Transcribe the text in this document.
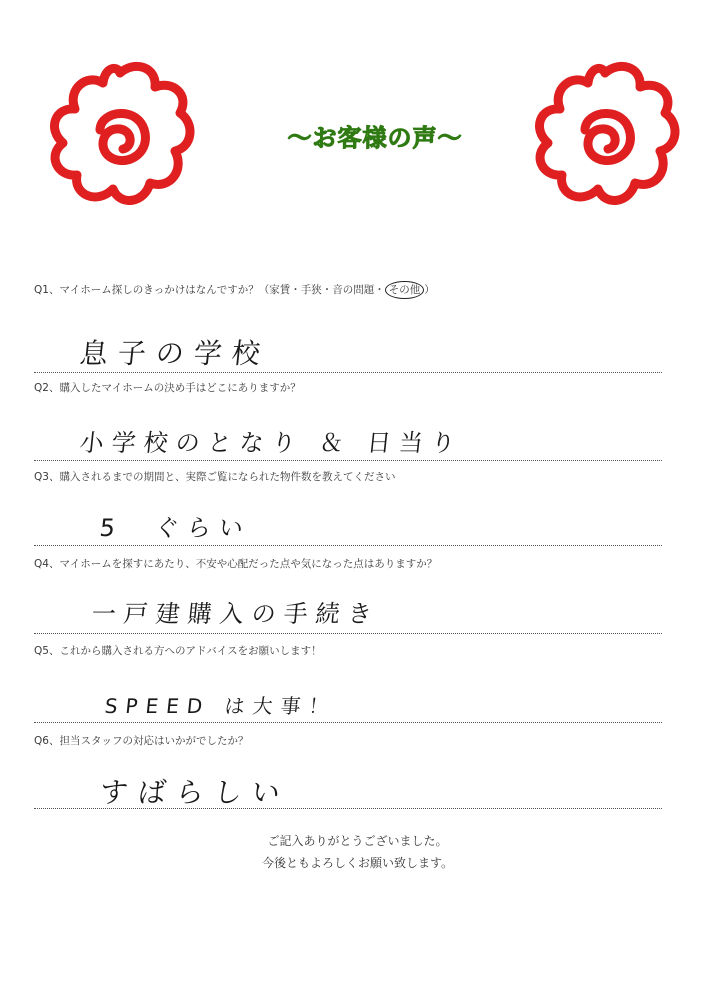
〜お客様の声〜
Q1、マイホーム探しのきっかけはなんですか？（家賃・手狭・音の問題・ その他 ）
息子の学校
Q2、購入したマイホームの決め手はどこにありますか？
小学校のとなり ＆ 日当り
Q3、購入されるまでの期間と、実際ご覧になられた物件数を教えてください
5　ぐらい
Q4、マイホームを探すにあたり、不安や心配だった点や気になった点はありますか？
一戸建購入の手続き
Q5、これから購入される方へのアドバイスをお願いします！
SPEED は大事！
Q6、担当スタッフの対応はいかがでしたか？
すばらしい
ご記入ありがとうございました。
今後ともよろしくお願い致します。
